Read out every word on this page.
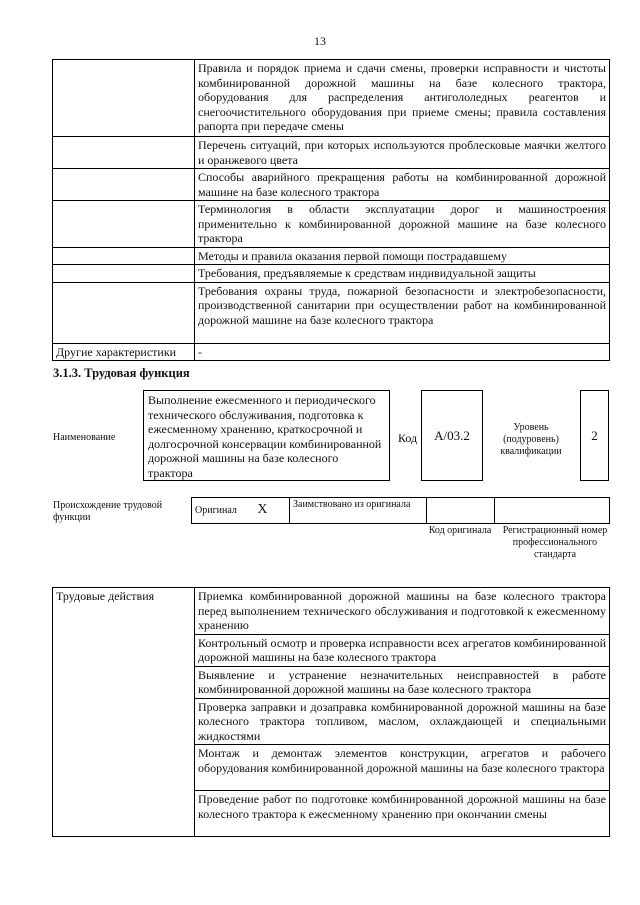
13
	Правила и порядок приема и сдачи смены, проверки исправности и чистоты комбинированной дорожной машины на базе колесного трактора, оборудования для распределения антигололедных реагентов и снегоочистительного оборудования при приеме смены; правила составления рапорта при передаче смены
	Перечень ситуаций, при которых используются проблесковые маячки желтого и оранжевого цвета
	Способы аварийного прекращения работы на комбинированной дорожной машине на базе колесного трактора
	Терминология в области эксплуатации дорог и машиностроения применительно к комбинированной дорожной машине на базе колесного трактора
	Методы и правила оказания первой помощи пострадавшему
	Требования, предъявляемые к средствам индивидуальной защиты
	Требования охраны труда, пожарной безопасности и электробезопасности, производственной санитарии при осуществлении работ на комбинированной дорожной машине на базе колесного трактора
Другие характеристики	-
3.1.3. Трудовая функция
Наименование
Выполнение ежесменного и периодического технического обслуживания, подготовка к ежесменному хранению, краткосрочной и долгосрочной консервации комбинированной дорожной машины на базе колесного трактора
Код A/03.2	Уровень (подуровень) квалификации
2
Происхождение трудовой функции
Оригинал X	Заимствовано из оригинала		
Код оригинала Регистрационный номер профессионального стандарта
Трудовые действия	Приемка комбинированной дорожной машины на базе колесного трактора перед выполнением технического обслуживания и подготовкой к ежесменному хранению
Контрольный осмотр и проверка исправности всех агрегатов комбинированной дорожной машины на базе колесного трактора
Выявление и устранение незначительных неисправностей в работе комбинированной дорожной машины на базе колесного трактора
Проверка заправки и дозаправка комбинированной дорожной машины на базе колесного трактора топливом, маслом, охлаждающей и специальными жидкостями
Монтаж и демонтаж элементов конструкции, агрегатов и рабочего оборудования комбинированной дорожной машины на базе колесного трактора
Проведение работ по подготовке комбинированной дорожной машины на базе колесного трактора к ежесменному хранению при окончании смены
